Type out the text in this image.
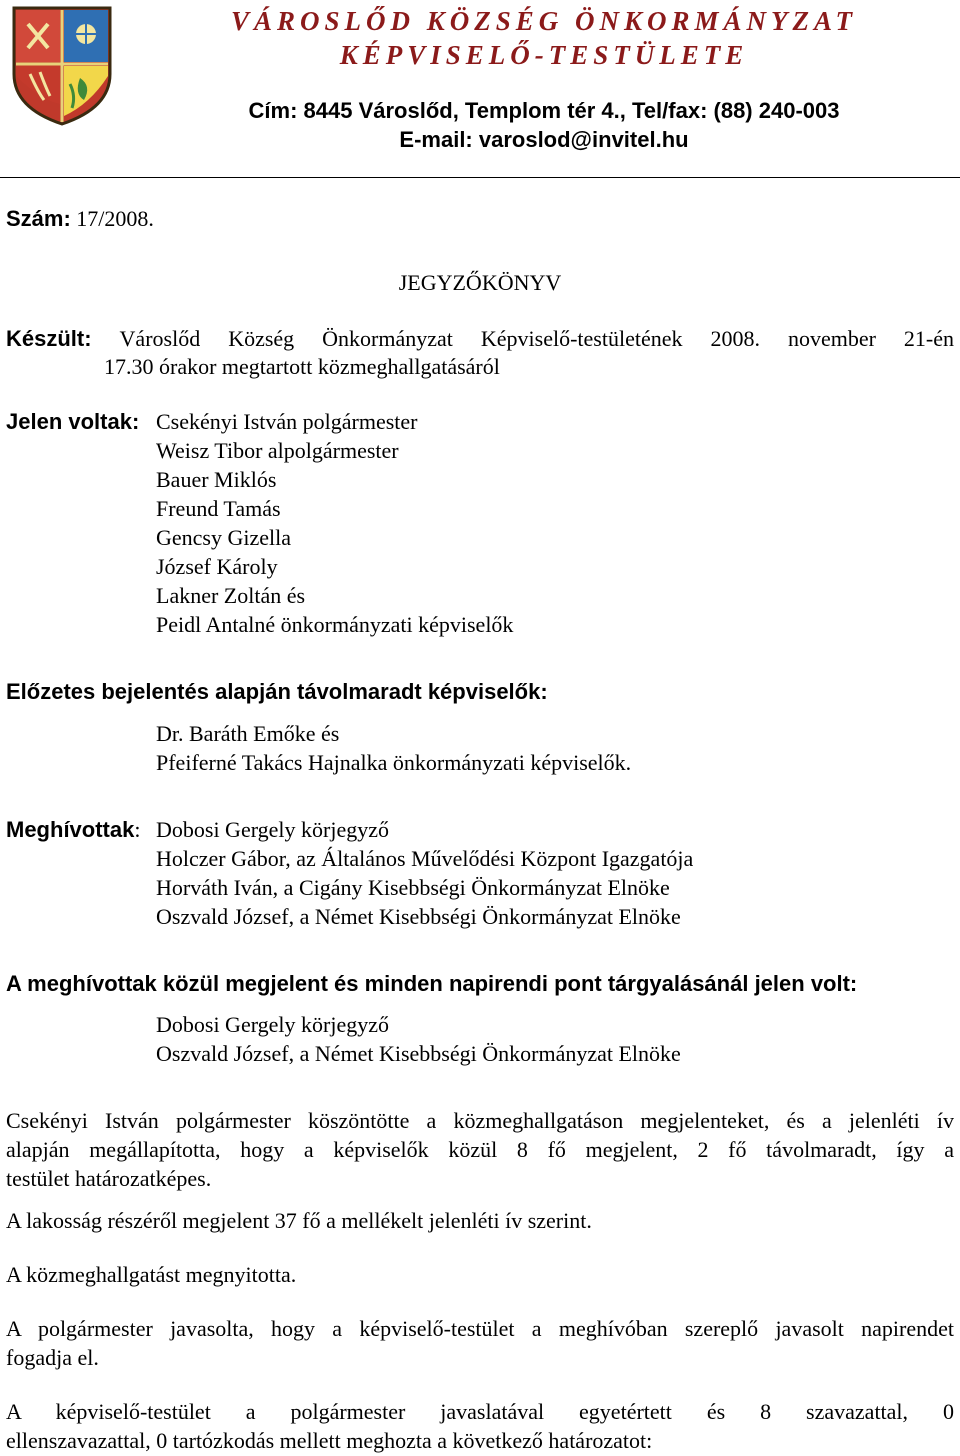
VÁROSLŐD KÖZSÉG ÖNKORMÁNYZAT
KÉPVISELŐ-TESTÜLETE
Cím: 8445 Városlőd, Templom tér 4., Tel/fax: (88) 240-003
E-mail: varoslod@invitel.hu
Szám: 17/2008.
JEGYZŐKÖNYV
Készült: Városlőd Község Önkormányzat Képviselő-testületének 2008. november 21-én
17.30 órakor megtartott közmeghallgatásáról
Jelen voltak: Csekényi István polgármester
Weisz Tibor alpolgármester
Bauer Miklós
Freund Tamás
Gencsy Gizella
József Károly
Lakner Zoltán és
Peidl Antalné önkormányzati képviselők
Előzetes bejelentés alapján távolmaradt képviselők:
Dr. Baráth Emőke és
Pfeiferné Takács Hajnalka önkormányzati képviselők.
Meghívottak: Dobosi Gergely körjegyző
Holczer Gábor, az Általános Művelődési Központ Igazgatója
Horváth Iván, a Cigány Kisebbségi Önkormányzat Elnöke
Oszvald József, a Német Kisebbségi Önkormányzat Elnöke
A meghívottak közül megjelent és minden napirendi pont tárgyalásánál jelen volt:
Dobosi Gergely körjegyző
Oszvald József, a Német Kisebbségi Önkormányzat Elnöke
Csekényi István polgármester köszöntötte a közmeghallgatáson megjelenteket, és a jelenléti ív
alapján megállapította, hogy a képviselők közül 8 fő megjelent, 2 fő távolmaradt, így a
testület határozatképes.
A lakosság részéről megjelent 37 fő a mellékelt jelenléti ív szerint.
A közmeghallgatást megnyitotta.
A polgármester javasolta, hogy a képviselő-testület a meghívóban szereplő javasolt napirendet
fogadja el.
A képviselő-testület a polgármester javaslatával egyetértett és 8 szavazattal, 0
ellenszavazattal, 0 tartózkodás mellett meghozta a következő határozatot:
